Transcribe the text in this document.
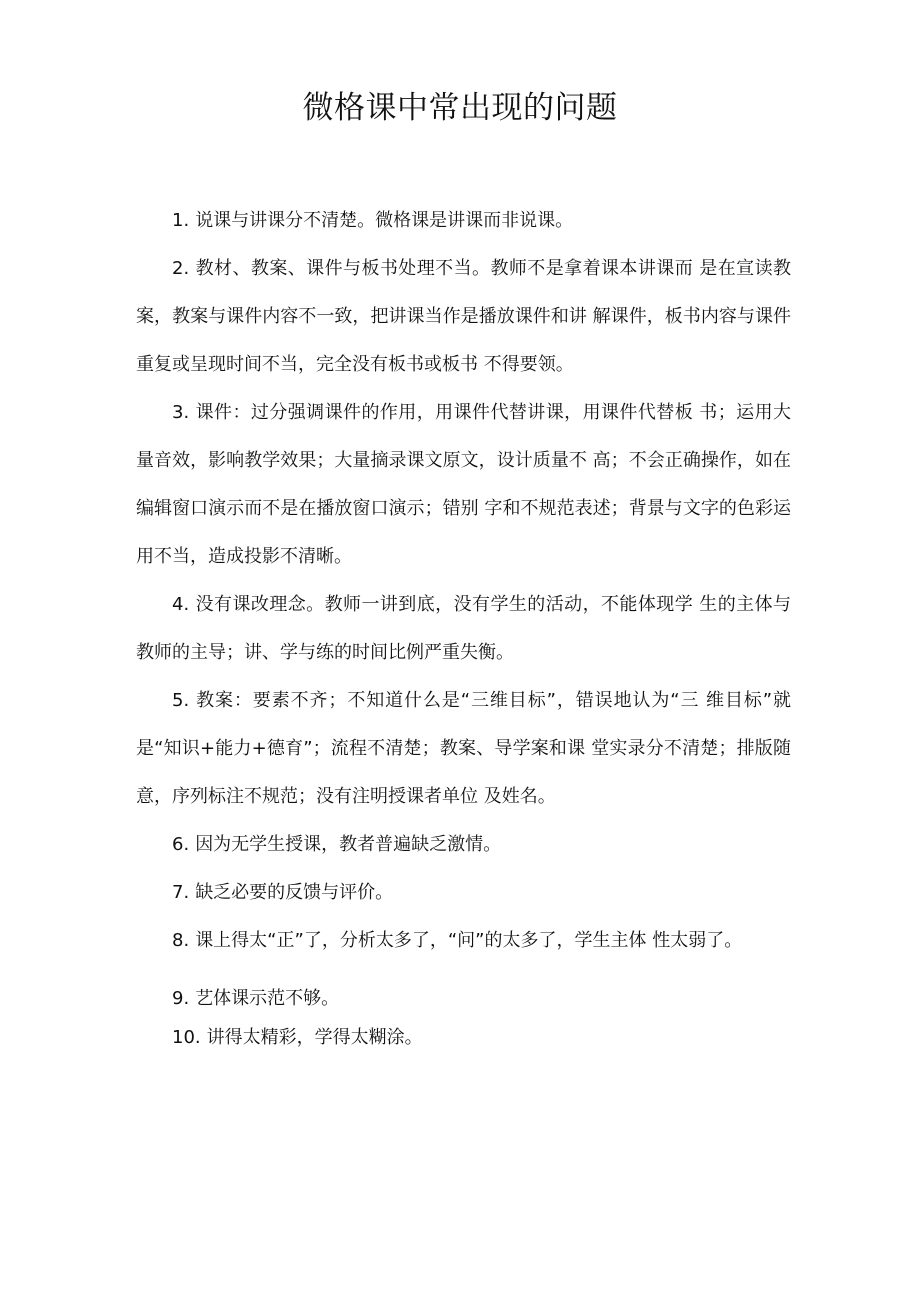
微格课中常出现的问题

1. 说课与讲课分不清楚。微格课是讲课而非说课。

2. 教材、教案、课件与板书处理不当。教师不是拿着课本讲课而 是在宣读教案，教案与课件内容不一致，把讲课当作是播放课件和讲 解课件，板书内容与课件重复或呈现时间不当，完全没有板书或板书 不得要领。

3. 课件：过分强调课件的作用，用课件代替讲课，用课件代替板 书；运用大量音效，影响教学效果；大量摘录课文原文，设计质量不 高；不会正确操作，如在编辑窗口演示而不是在播放窗口演示；错别 字和不规范表述；背景与文字的色彩运用不当，造成投影不清晰。

4. 没有课改理念。教师一讲到底，没有学生的活动，不能体现学 生的主体与教师的主导；讲、学与练的时间比例严重失衡。

5. 教案：要素不齐；不知道什么是“三维目标”，错误地认为“三 维目标”就是“知识+能力+德育”；流程不清楚；教案、导学案和课 堂实录分不清楚；排版随意，序列标注不规范；没有注明授课者单位 及姓名。

6. 因为无学生授课，教者普遍缺乏激情。

7. 缺乏必要的反馈与评价。

8. 课上得太“正”了，分析太多了，“问”的太多了，学生主体 性太弱了。

9. 艺体课示范不够。

10. 讲得太精彩，学得太糊涂。
